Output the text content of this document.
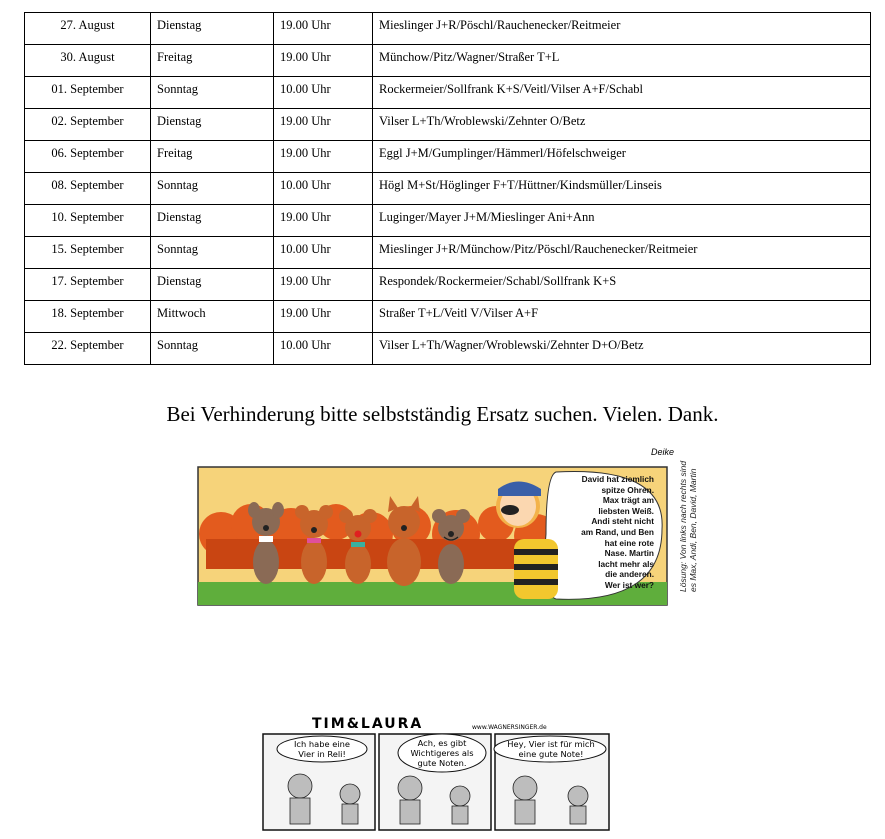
27. August	Dienstag	19.00 Uhr	Mieslinger J+R/Pöschl/Rauchenecker/Reitmeier
30. August	Freitag	19.00 Uhr	Münchow/Pitz/Wagner/Straßer T+L
01. September	Sonntag	10.00 Uhr	Rockermeier/Sollfrank K+S/Veitl/Vilser A+F/Schabl
02. September	Dienstag	19.00 Uhr	Vilser L+Th/Wroblewski/Zehnter O/Betz
06. September	Freitag	19.00 Uhr	Eggl J+M/Gumplinger/Hämmerl/Höfelschweiger
08. September	Sonntag	10.00 Uhr	Högl M+St/Höglinger F+T/Hüttner/Kindsmüller/Linseis
10. September	Dienstag	19.00 Uhr	Luginger/Mayer J+M/Mieslinger Ani+Ann
15. September	Sonntag	10.00 Uhr	Mieslinger J+R/Münchow/Pitz/Pöschl/Rauchenecker/Reitmeier
17. September	Dienstag	19.00 Uhr	Respondek/Rockermeier/Schabl/Sollfrank K+S
18. September	Mittwoch	19.00 Uhr	Straßer T+L/Veitl V/Vilser A+F
22. September	Sonntag	10.00 Uhr	Vilser L+Th/Wagner/Wroblewski/Zehnter D+O/Betz
Bei Verhinderung bitte selbstständig Ersatz suchen. Vielen. Dank.
Deike
David hat ziemlich
spitze Ohren.
Max trägt am
liebsten Weiß.
Andi steht nicht
am Rand, und Ben
hat eine rote
Nase. Martin
lacht mehr als
die anderen.
Wer ist wer?	Lösung: Von links nach rechts sind es Max, Andi, Ben, David, Martin
TIM&LAURA	www.WAGNERSINGER.de
Ich habe eine
Vier in Reli!
Ach, es gibt
Wichtigeres als
gute Noten.
Hey, Vier ist für mich
eine gute Note!
